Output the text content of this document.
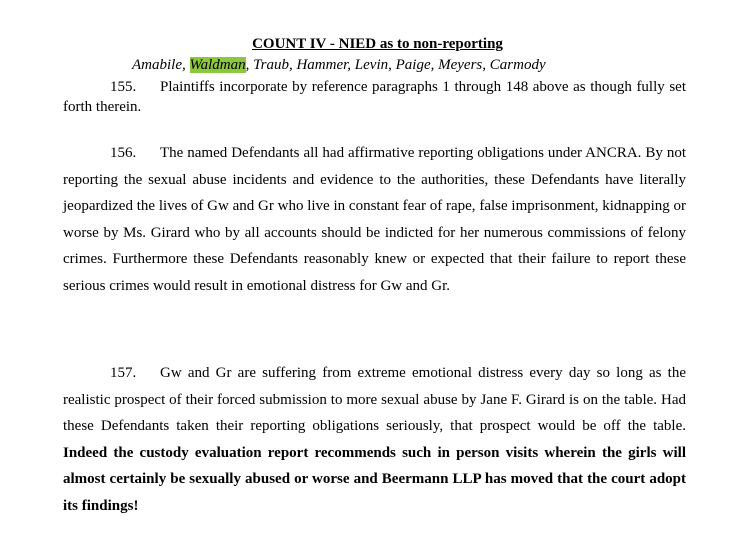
COUNT IV - NIED as to non-reporting

Amabile, Waldman, Traub, Hammer, Levin, Paige, Meyers, Carmody

155. Plaintiffs incorporate by reference paragraphs 1 through 148 above as though fully set forth therein.

156. The named Defendants all had affirmative reporting obligations under ANCRA. By not reporting the sexual abuse incidents and evidence to the authorities, these Defendants have literally jeopardized the lives of Gw and Gr who live in constant fear of rape, false imprisonment, kidnapping or worse by Ms. Girard who by all accounts should be indicted for her numerous commissions of felony crimes. Furthermore these Defendants reasonably knew or expected that their failure to report these serious crimes would result in emotional distress for Gw and Gr.

157. Gw and Gr are suffering from extreme emotional distress every day so long as the realistic prospect of their forced submission to more sexual abuse by Jane F. Girard is on the table. Had these Defendants taken their reporting obligations seriously, that prospect would be off the table. Indeed the custody evaluation report recommends such in person visits wherein the girls will almost certainly be sexually abused or worse and Beermann LLP has moved that the court adopt its findings!
